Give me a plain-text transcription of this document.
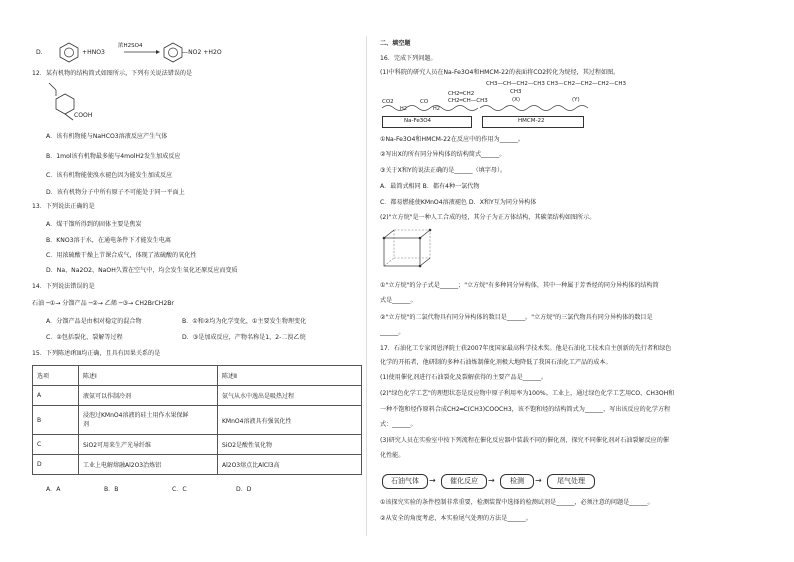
D．	+HNO3
浓H2SO4
—NO2 +H2O
12．某有机物的结构简式如图所示，下列有关说法错误的是
COOH
A．该有机物能与NaHCO3溶液反应产生气体
B．1mol该有机物最多能与4molH2发生加成反应
C．该有机物能使溴水褪色因为能发生加成反应
D．该有机物分子中所有原子不可能处于同一平面上
13．下列说法正确的是
A．煤干馏所得到的固体主要是焦炭
B．KNO3溶于水，在通电条件下才能发生电离
C．用浓硫酸干燥上节课合成气，体现了浓硫酸的氧化性
D．Na、Na2O2、NaOH久置在空气中，均会发生氧化还原反应而变质
14．下列说法错误的是
石油 ─①→ 分馏产品 ─②→ 乙烯 ─③→ CH2BrCH2Br
A．分馏产品是由相对稳定的混合物	B．①和②均为化学变化，①主要发生物理变化
C．②包括裂化、裂解等过程	D．③是加成反应，产物名称是1，2-二溴乙烷
15．下列陈述Ⅰ和Ⅱ均正确，且具有因果关系的是
选项	陈述Ⅰ	陈述Ⅱ
A	液氨可以作制冷剂	氨气从水中逸出是吸热过程
B	浸泡过KMnO4溶液的硅土用作水果保鲜
剂	KMnO4溶液具有强氧化性
C	SiO2可用来生产光导纤维	SiO2是酸性氧化物
D	工业上电解熔融Al2O3冶炼铝	Al2O3熔点比AlCl3高
A．A	B．B	C．C	D．D
二、填空题
16．完成下列问题。
(1)中科院的研究人员在Na-Fe3O4和HMCM-22的表面将CO2转化为烷烃，其过程如图。
CH3—CH—CH2—CH3 CH3—CH2—CH2—CH2—CH3
CH3
(X)	(Y)
CH2═CH2
CH2═CH—CH3
CO2	CO
H2	H2
Na-Fe3O4	HMCM-22
①Na-Fe3O4和HMCM-22在反应中的作用为______。
②写出X的所有同分异构体的结构简式______。
③关于X和Y的说法正确的是______（填字母）。
A．最简式相同 B．都有4种一氯代物
C．都易燃能使KMnO4溶液褪色 D．X和Y互为同分异构体
(2)"立方烷"是一种人工合成的烃，其分子为正方体结构，其碳架结构如图所示。
①"立方烷"的分子式是______；"立方烷"有多种同分异构体，其中一种属于芳香烃的同分异构体的结构简
式是______。
②"立方烷"的二氯代物具有同分异构体的数目是______。"立方烷"的三氯代物具有同分异构体的数目是
______。
17．石油化工专家闵恩泽院士获2007年度国家最高科学技术奖。他是石油化工技术自主创新的先行者和绿色
化学的开拓者，他研制的多种石油炼制催化剂极大地降低了我国石油化工产品的成本。
(1)使用催化剂进行石油裂化及裂解获得的主要产品是______。
(2)"绿色化学工艺"的理想状态是反应物中原子利用率为100%。工业上，通过绿色化学工艺用CO、CH3OH和
一种不饱和烃作原料合成CH2═C(CH3)COOCH3，该不饱和烃的结构简式为______，写出该反应的化学方程
式：______。
(3)研究人员在实验室中按下列流程在催化反应器中装载不同的催化剂，探究不同催化剂对石油裂解反应的催
化性能。
石油气体	→	催化反应	→	检测	→	尾气处理
①该探究实验的条件控制非常重要，检测装置中选择的检测试剂是______，必须注意的问题是______。
②从安全的角度考虑，本实验尾气处理的方法是______。
